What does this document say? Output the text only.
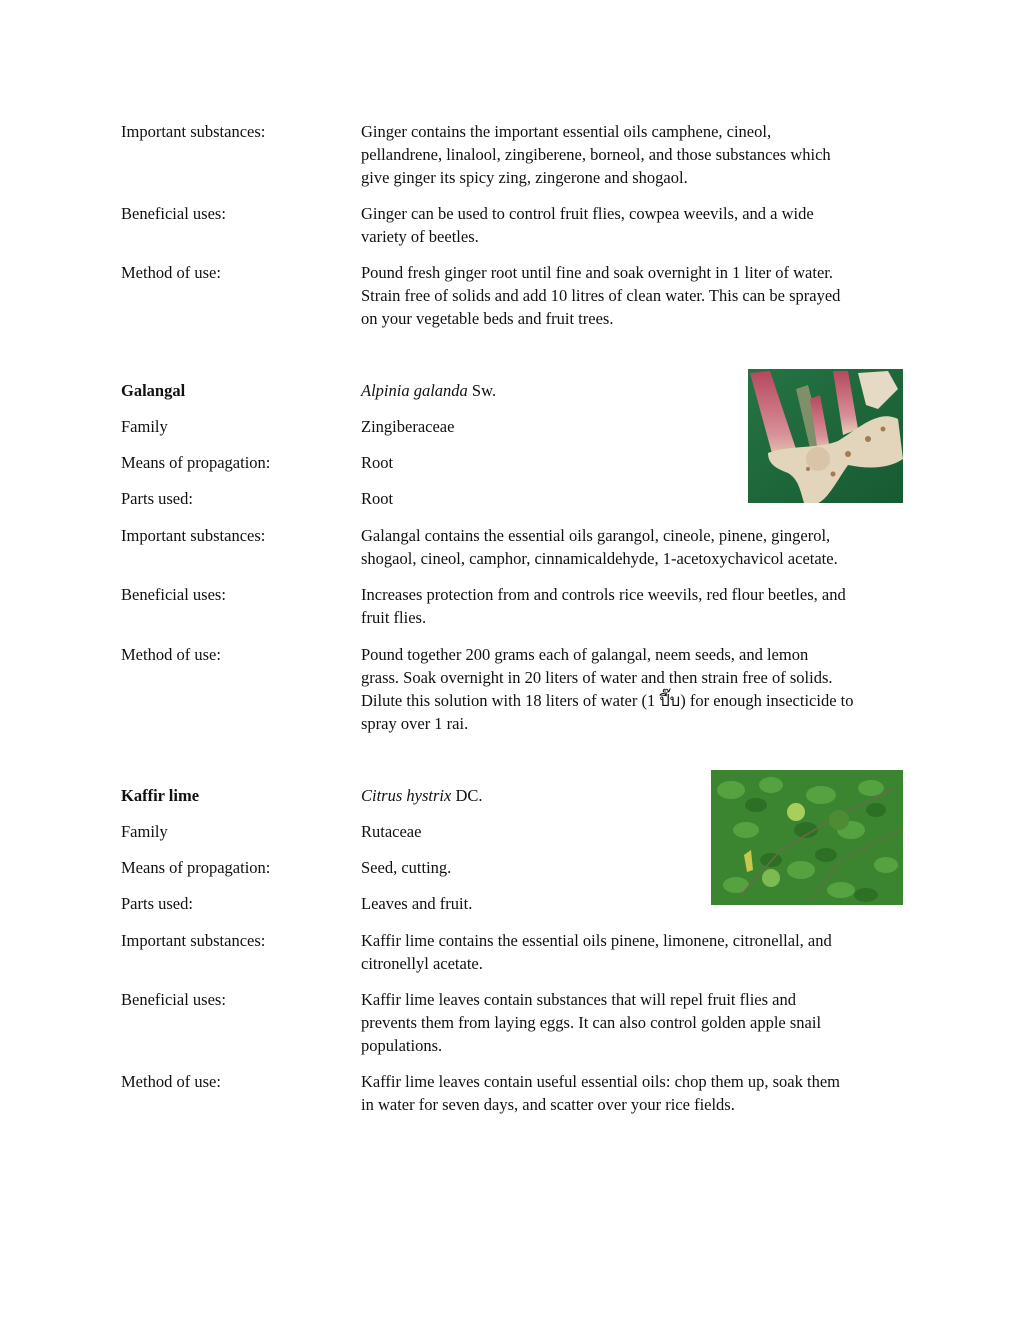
Important substances:	Ginger contains the important essential oils camphene, cineol,
pellandrene, linalool, zingiberene, borneol, and those substances which
give ginger its spicy zing, zingerone and shogaol.
Beneficial uses:	Ginger can be used to control fruit flies, cowpea weevils, and a wide
variety of beetles.
Method of use:	Pound fresh ginger root until fine and soak overnight in 1 liter of water.
Strain free of solids and add 10 litres of clean water. This can be sprayed
on your vegetable beds and fruit trees.
Galangal	Alpinia galanda Sw.
Family	Zingiberaceae
Means of propagation:	Root
Parts used:	Root
Important substances:	Galangal contains the essential oils garangol, cineole, pinene, gingerol,
shogaol, cineol, camphor, cinnamicaldehyde, 1-acetoxychavicol acetate.
Beneficial uses:	Increases protection from and controls rice weevils, red flour beetles, and
fruit flies.
Method of use:	Pound together 200 grams each of galangal, neem seeds, and lemon
grass. Soak overnight in 20 liters of water and then strain free of solids.
Dilute this solution with 18 liters of water (1 ปี๊บ) for enough insecticide to
spray over 1 rai.
Kaffir lime	Citrus hystrix DC.
Family	Rutaceae
Means of propagation:	Seed, cutting.
Parts used:	Leaves and fruit.
Important substances:	Kaffir lime contains the essential oils pinene, limonene, citronellal, and
citronellyl acetate.
Beneficial uses:	Kaffir lime leaves contain substances that will repel fruit flies and
prevents them from laying eggs. It can also control golden apple snail
populations.
Method of use:	Kaffir lime leaves contain useful essential oils: chop them up, soak them
in water for seven days, and scatter over your rice fields.
